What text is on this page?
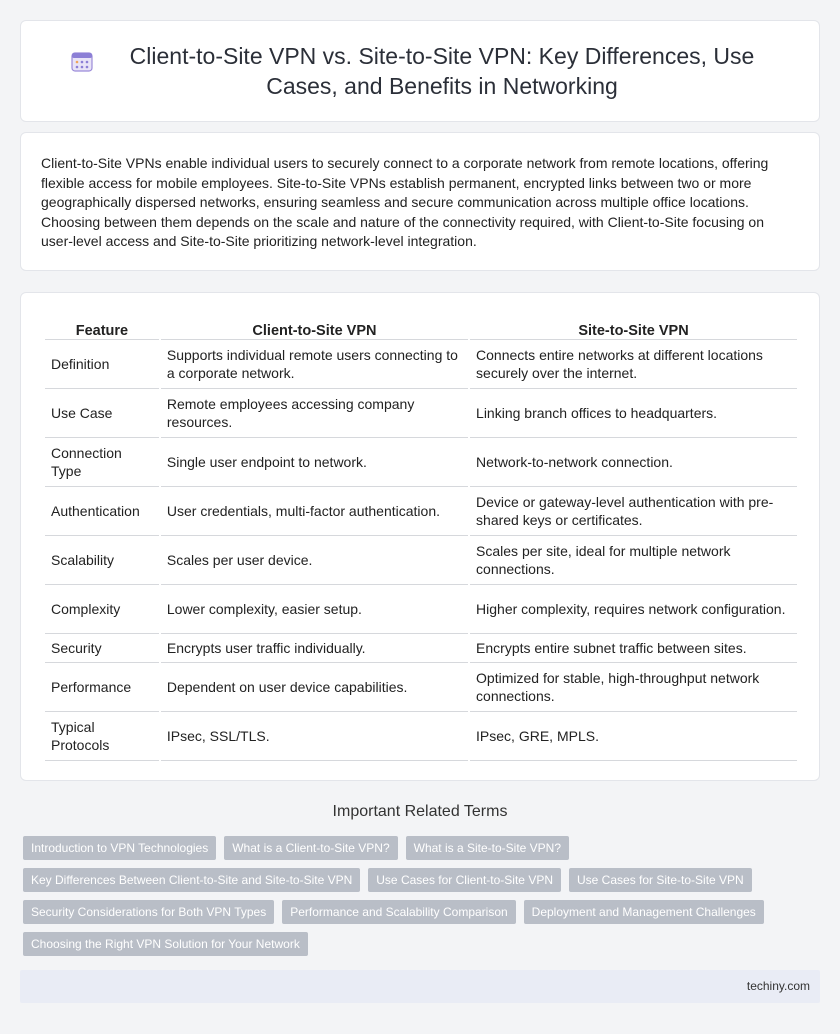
Client-to-Site VPN vs. Site-to-Site VPN: Key Differences, Use Cases, and Benefits in Networking

Client-to-Site VPNs enable individual users to securely connect to a corporate network from remote locations, offering flexible access for mobile employees. Site-to-Site VPNs establish permanent, encrypted links between two or more geographically dispersed networks, ensuring seamless and secure communication across multiple office locations. Choosing between them depends on the scale and nature of the connectivity required, with Client-to-Site focusing on user-level access and Site-to-Site prioritizing network-level integration.

Feature	Client-to-Site VPN	Site-to-Site VPN
Definition	Supports individual remote users connecting to a corporate network.	Connects entire networks at different locations securely over the internet.
Use Case	Remote employees accessing company resources.	Linking branch offices to headquarters.
Connection Type	Single user endpoint to network.	Network-to-network connection.
Authentication	User credentials, multi-factor authentication.	Device or gateway-level authentication with pre-shared keys or certificates.
Scalability	Scales per user device.	Scales per site, ideal for multiple network connections.
Complexity	Lower complexity, easier setup.	Higher complexity, requires network configuration.
Security	Encrypts user traffic individually.	Encrypts entire subnet traffic between sites.
Performance	Dependent on user device capabilities.	Optimized for stable, high-throughput network connections.
Typical Protocols	IPsec, SSL/TLS.	IPsec, GRE, MPLS.
Important Related Terms
Introduction to VPN Technologies	What is a Client-to-Site VPN?	What is a Site-to-Site VPN?
Key Differences Between Client-to-Site and Site-to-Site VPN	Use Cases for Client-to-Site VPN	Use Cases for Site-to-Site VPN
Security Considerations for Both VPN Types	Performance and Scalability Comparison	Deployment and Management Challenges
Choosing the Right VPN Solution for Your Network
techiny.com
